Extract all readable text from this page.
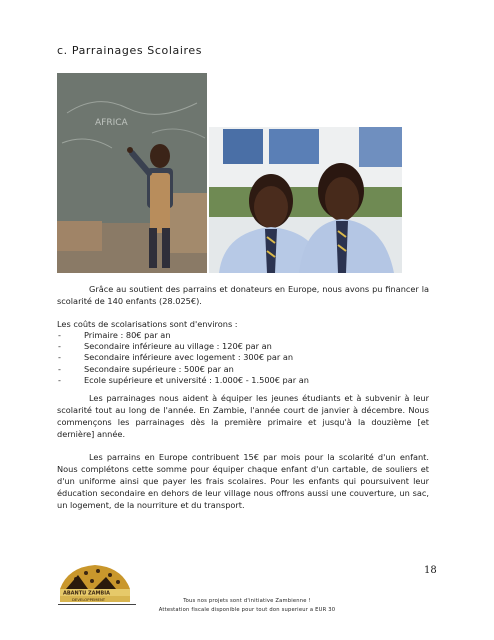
c. Parrainages Scolaires
AFRICA

Grâce au soutient des parrains et donateurs en Europe, nous avons pu financer la scolarité de 140 enfants (28.025€).

Les coûts de scolarisations sont d'environs :
-	Primaire : 80€ par an
-	Secondaire inférieure au village : 120€ par an
-	Secondaire inférieure avec logement : 300€ par an
-	Secondaire supérieure : 500€ par an
-	Ecole supérieure et université : 1.000€ - 1.500€ par an

Les parrainages nous aident à équiper les jeunes étudiants et à subvenir à leur scolarité tout au long de l'année. En Zambie, l'année court de janvier à décembre. Nous commençons les parrainages dès la première primaire et jusqu'à la douzième [et dernière] année.

Les parrains en Europe contribuent 15€ par mois pour la scolarité d'un enfant. Nous complétons cette somme pour équiper chaque enfant d'un cartable, de souliers et d'un uniforme ainsi que payer les frais scolaires. Pour les enfants qui poursuivent leur éducation secondaire en dehors de leur village nous offrons aussi une couverture, un sac, un logement, de la nourriture et du transport.

18
ABANTU ZAMBIA
DEVELOPPEMENT	Tous nos projets sont d'initiative Zambienne !
Attestation fiscale disponible pour tout don superieur a EUR 30
